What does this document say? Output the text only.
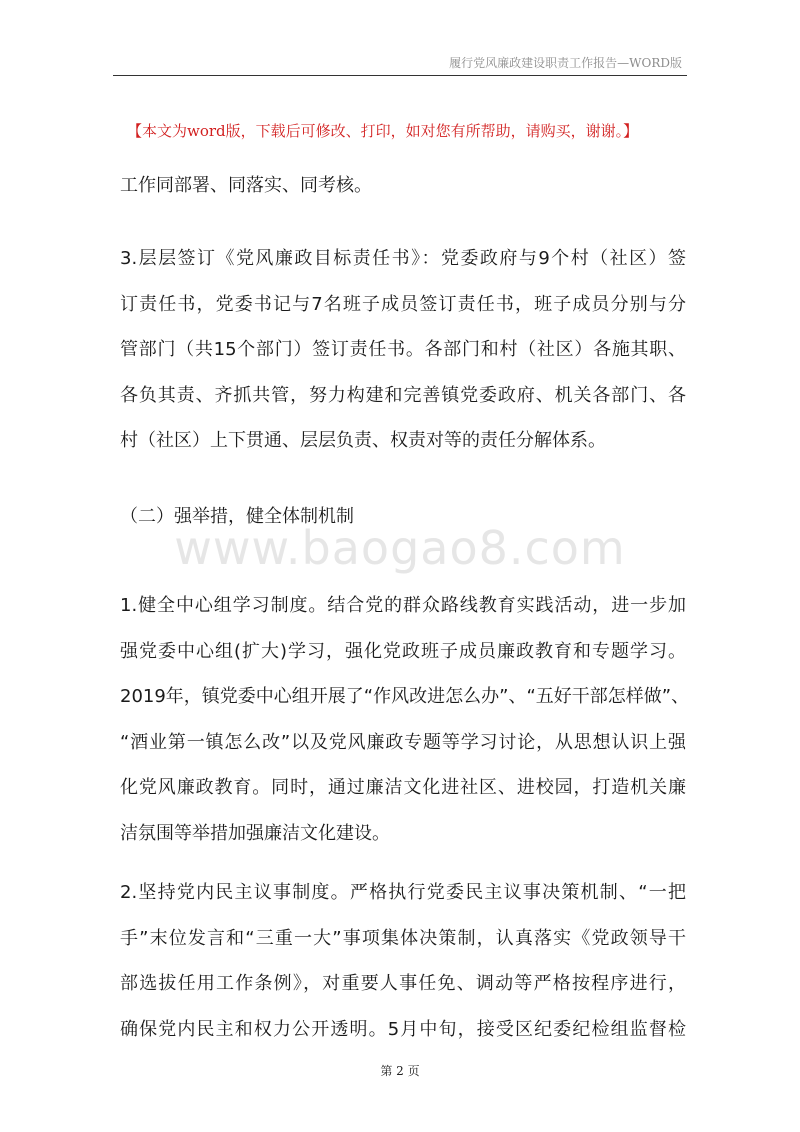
履行党风廉政建设职责工作报告—WORD版
【本文为word版，下载后可修改、打印，如对您有所帮助，请购买，谢谢。】
www.baogao8.com
工作同部署、同落实、同考核。
3.层层签订《党风廉政目标责任书》：党委政府与9个村（社区）签
订责任书，党委书记与7名班子成员签订责任书，班子成员分别与分
管部门（共15个部门）签订责任书。各部门和村（社区）各施其职、
各负其责、齐抓共管，努力构建和完善镇党委政府、机关各部门、各
村（社区）上下贯通、层层负责、权责对等的责任分解体系。
（二）强举措，健全体制机制
1.健全中心组学习制度。结合党的群众路线教育实践活动，进一步加
强党委中心组(扩大)学习，强化党政班子成员廉政教育和专题学习。
2019年，镇党委中心组开展了“作风改进怎么办”、“五好干部怎样做”、
“酒业第一镇怎么改”以及党风廉政专题等学习讨论，从思想认识上强
化党风廉政教育。同时，通过廉洁文化进社区、进校园，打造机关廉
洁氛围等举措加强廉洁文化建设。
2.坚持党内民主议事制度。严格执行党委民主议事决策机制、“一把
手”末位发言和“三重一大”事项集体决策制，认真落实《党政领导干
部选拔任用工作条例》，对重要人事任免、调动等严格按程序进行，
确保党内民主和权力公开透明。5月中旬，接受区纪委纪检组监督检
第 2 页
